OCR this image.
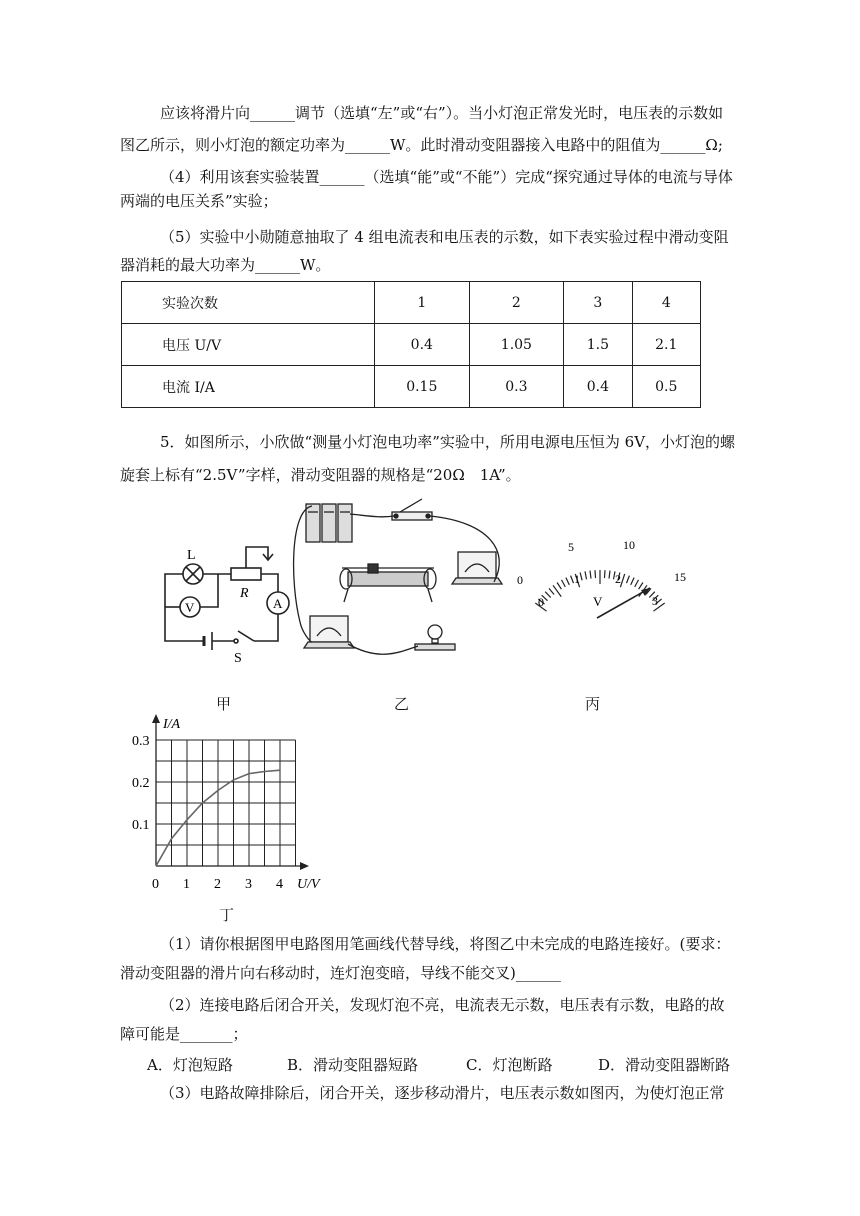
应该将滑片向______调节（选填“左”或“右”）。当小灯泡正常发光时，电压表的示数如
图乙所示，则小灯泡的额定功率为______W。此时滑动变阻器接入电路中的阻值为______Ω;
（4）利用该套实验装置______（选填“能”或“不能”）完成“探究通过导体的电流与导体
两端的电压关系”实验；
（5）实验中小勋随意抽取了 4 组电流表和电压表的示数，如下表实验过程中滑动变阻
器消耗的最大功率为______W。
实验次数	1	2	3	4
电压 U/V	0.4	1.05	1.5	2.1
电流 I/A	0.15	0.3	0.4	0.5
5．如图所示，小欣做“测量小灯泡电功率”实验中，所用电源电压恒为 6V，小灯泡的螺
旋套上标有“2.5V”字样，滑动变阻器的规格是“20Ω　1A”。
L
R
V	A
S
0
5	10
15
0
1	2
3
V
甲	乙	丙
0.3
0.2
0.1
0 1 2 3 4
I/A
U/V
丁
（1）请你根据图甲电路图用笔画线代替导线，将图乙中未完成的电路连接好。(要求：
滑动变阻器的滑片向右移动时，连灯泡变暗，导线不能交叉)______
（2）连接电路后闭合开关，发现灯泡不亮，电流表无示数，电压表有示数，电路的故
障可能是_______；
A．灯泡短路	B．滑动变阻器短路	C．灯泡断路	D．滑动变阻器断路
（3）电路故障排除后，闭合开关，逐步移动滑片，电压表示数如图丙，为使灯泡正常
